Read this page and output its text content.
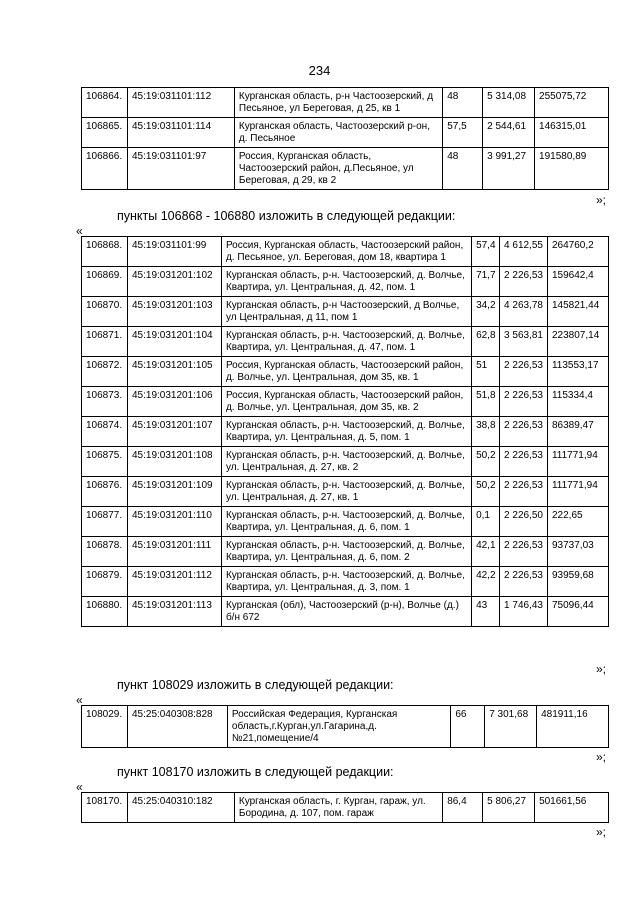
234
106864.	45:19:031101:112	Курганская область, р-н Частоозерский, д Песьяное, ул Береговая, д 25, кв 1	48	5 314,08	255075,72
106865.	45:19:031101:114	Курганская область, Частоозерский р-он, д. Песьяное	57,5	2 544,61	146315,01
106866.	45:19:031101:97	Россия, Курганская область, Частоозерский район, д.Песьяное, ул Береговая, д 29, кв 2	48	3 991,27	191580,89
»;
пункты 106868 - 106880 изложить в следующей редакции:
«
106868.	45:19:031101:99	Россия, Курганская область, Частоозерский район, д. Песьяное, ул. Береговая, дом 18, квартира 1	57,4	4 612,55	264760,2
106869.	45:19:031201:102	Курганская область, р-н. Частоозерский, д. Волчье, Квартира, ул. Центральная, д. 42, пом. 1	71,7	2 226,53	159642,4
106870.	45:19:031201:103	Курганская область, р-н Частоозерский, д Волчье, ул Центральная, д 11, пом 1	34,2	4 263,78	145821,44
106871.	45:19:031201:104	Курганская область, р-н. Частоозерский, д. Волчье, Квартира, ул. Центральная, д. 47, пом. 1	62,8	3 563,81	223807,14
106872.	45:19:031201:105	Россия, Курганская область, Частоозерский район, д. Волчье, ул. Центральная, дом 35, кв. 1	51	2 226,53	113553,17
106873.	45:19:031201:106	Россия, Курганская область, Частоозерский район, д. Волчье, ул. Центральная, дом 35, кв. 2	51,8	2 226,53	115334,4
106874.	45:19:031201:107	Курганская область, р-н. Частоозерский, д. Волчье, Квартира, ул. Центральная, д. 5, пом. 1	38,8	2 226,53	86389,47
106875.	45:19:031201:108	Курганская область, р-н. Частоозерский, д. Волчье, ул. Центральная, д. 27, кв. 2	50,2	2 226,53	111771,94
106876.	45:19:031201:109	Курганская область, р-н. Частоозерский, д. Волчье, ул. Центральная, д. 27, кв. 1	50,2	2 226,53	111771,94
106877.	45:19:031201:110	Курганская область, р-н. Частоозерский, д. Волчье, Квартира, ул. Центральная, д. 6, пом. 1	0,1	2 226,50	222,65
106878.	45:19:031201:111	Курганская область, р-н. Частоозерский, д. Волчье, Квартира, ул. Центральная, д. 6, пом. 2	42,1	2 226,53	93737,03
106879.	45:19:031201:112	Курганская область, р-н. Частоозерский, д. Волчье, Квартира, ул. Центральная, д. 3, пом. 1	42,2	2 226,53	93959,68
106880.	45:19:031201:113	Курганская (обл), Частоозерский (р-н), Волчье (д.) б/н 672	43	1 746,43	75096,44
»;
пункт 108029 изложить в следующей редакции:
«
108029.	45:25:040308:828	Российская Федерация, Курганская область,г.Курган,ул.Гагарина,д. №21,помещение/4	66	7 301,68	481911,16
»;
пункт 108170 изложить в следующей редакции:
«
108170.	45:25:040310:182	Курганская область, г. Курган, гараж, ул. Бородина, д. 107, пом. гараж	86,4	5 806,27	501661,56
»;
